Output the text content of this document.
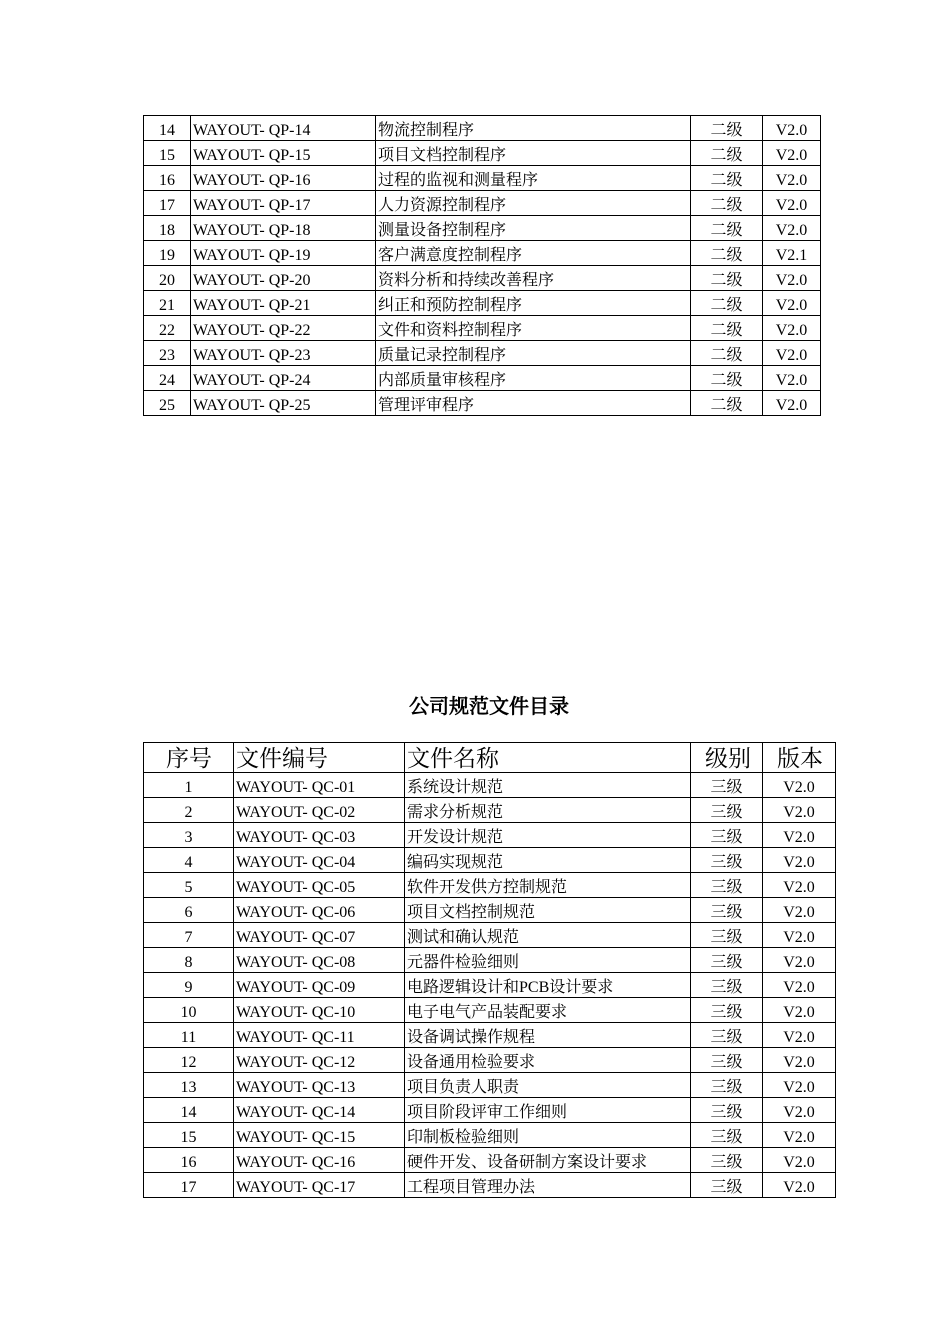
14	WAYOUT- QP-14	物流控制程序	二级	V2.0
15	WAYOUT- QP-15	项目文档控制程序	二级	V2.0
16	WAYOUT- QP-16	过程的监视和测量程序	二级	V2.0
17	WAYOUT- QP-17	人力资源控制程序	二级	V2.0
18	WAYOUT- QP-18	测量设备控制程序	二级	V2.0
19	WAYOUT- QP-19	客户满意度控制程序	二级	V2.1
20	WAYOUT- QP-20	资料分析和持续改善程序	二级	V2.0
21	WAYOUT- QP-21	纠正和预防控制程序	二级	V2.0
22	WAYOUT- QP-22	文件和资料控制程序	二级	V2.0
23	WAYOUT- QP-23	质量记录控制程序	二级	V2.0
24	WAYOUT- QP-24	内部质量审核程序	二级	V2.0
25	WAYOUT- QP-25	管理评审程序	二级	V2.0
公司规范文件目录
序号	文件编号	文件名称	级别	版本
1	WAYOUT- QC-01	系统设计规范	三级	V2.0
2	WAYOUT- QC-02	需求分析规范	三级	V2.0
3	WAYOUT- QC-03	开发设计规范	三级	V2.0
4	WAYOUT- QC-04	编码实现规范	三级	V2.0
5	WAYOUT- QC-05	软件开发供方控制规范	三级	V2.0
6	WAYOUT- QC-06	项目文档控制规范	三级	V2.0
7	WAYOUT- QC-07	测试和确认规范	三级	V2.0
8	WAYOUT- QC-08	元器件检验细则	三级	V2.0
9	WAYOUT- QC-09	电路逻辑设计和PCB设计要求	三级	V2.0
10	WAYOUT- QC-10	电子电气产品装配要求	三级	V2.0
11	WAYOUT- QC-11	设备调试操作规程	三级	V2.0
12	WAYOUT- QC-12	设备通用检验要求	三级	V2.0
13	WAYOUT- QC-13	项目负责人职责	三级	V2.0
14	WAYOUT- QC-14	项目阶段评审工作细则	三级	V2.0
15	WAYOUT- QC-15	印制板检验细则	三级	V2.0
16	WAYOUT- QC-16	硬件开发、设备研制方案设计要求	三级	V2.0
17	WAYOUT- QC-17	工程项目管理办法	三级	V2.0
